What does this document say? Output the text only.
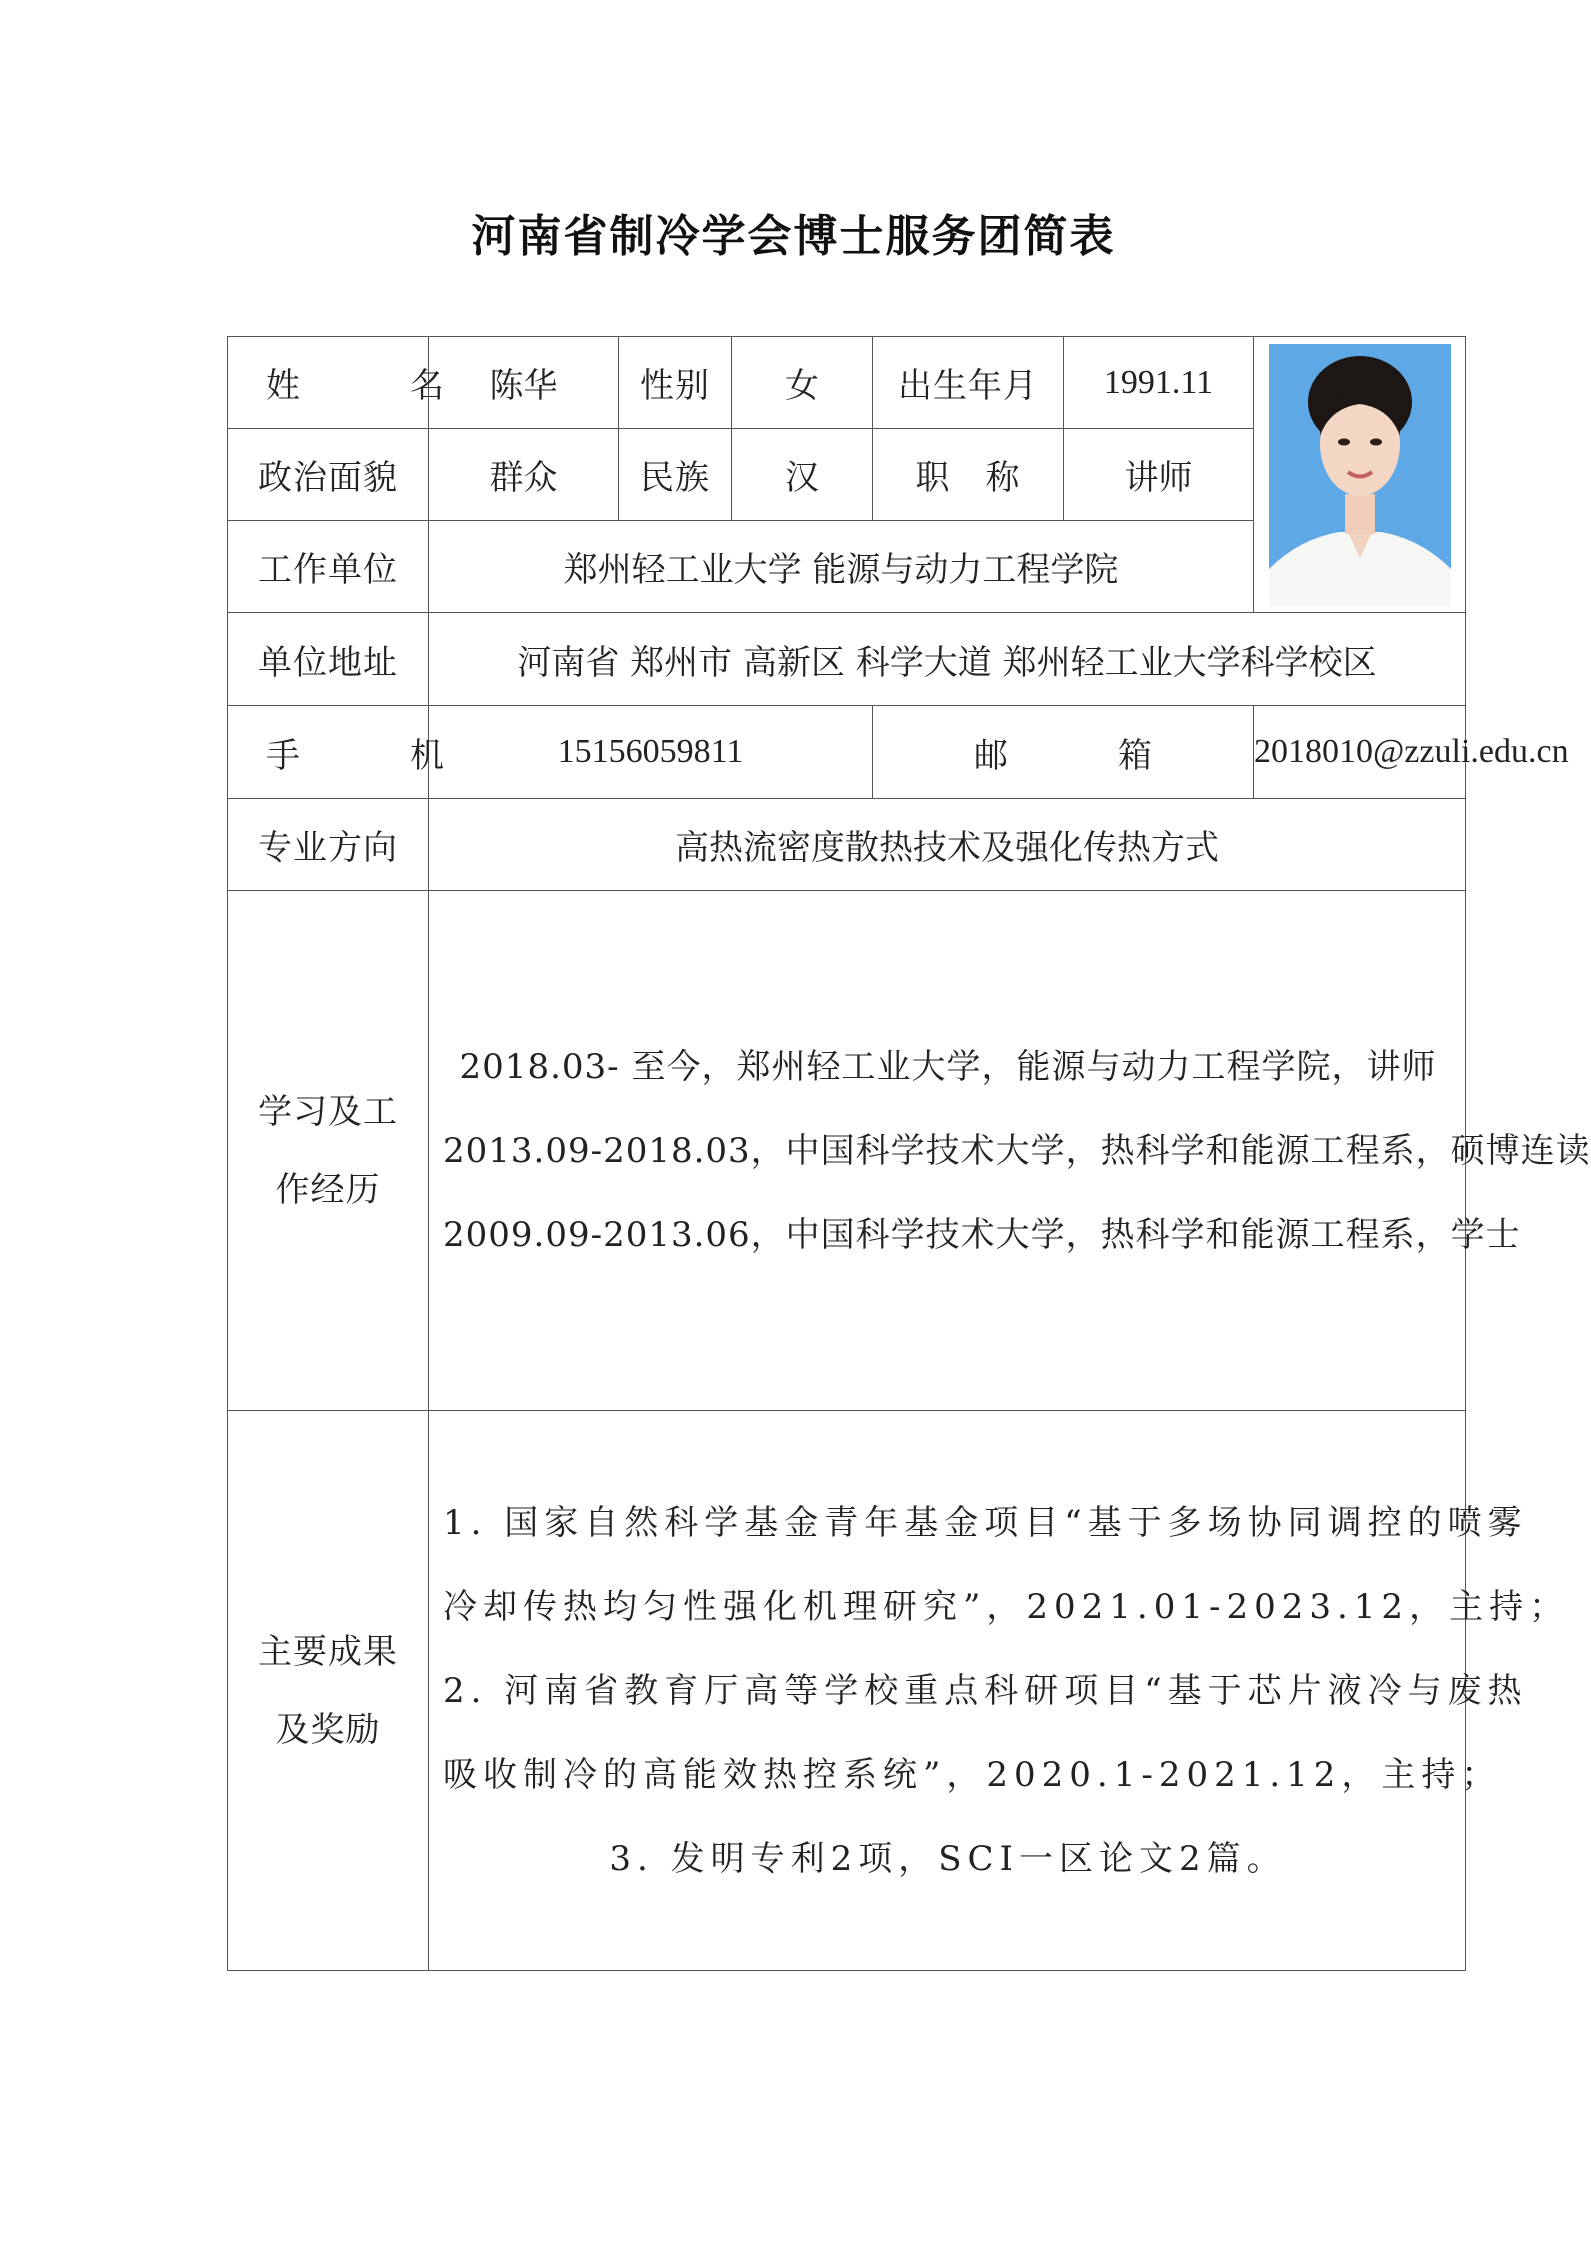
河南省制冷学会博士服务团简表
姓　名	陈华	性别	女	出生年月	1991.11	

政治面貌	群众	民族	汉	职　称	讲师	
工作单位	郑州轻工业大学 能源与动力工程学院					
单位地址	河南省 郑州市 高新区 科学大道 郑州轻工业大学科学校区					
手　机	15156059811			邮　箱		2018010@zzuli.edu.cn
专业方向	高热流密度散热技术及强化传热方式					
学习及工作经历	2018.03- 至今，郑州轻工业大学，能源与动力工程学院，讲师
2013.09-2018.03，中国科学技术大学，热科学和能源工程系，硕博连读
2009.09-2013.06，中国科学技术大学，热科学和能源工程系，学士					

主要成果及奖励	1. 国家自然科学基金青年基金项目“基于多场协同调控的喷雾
冷却传热均匀性强化机理研究”，2021.01-2023.12，主持；
2. 河南省教育厅高等学校重点科研项目“基于芯片液冷与废热
吸收制冷的高能效热控系统”，2020.1-2021.12，主持；
3. 发明专利2项，SCI一区论文2篇。					
